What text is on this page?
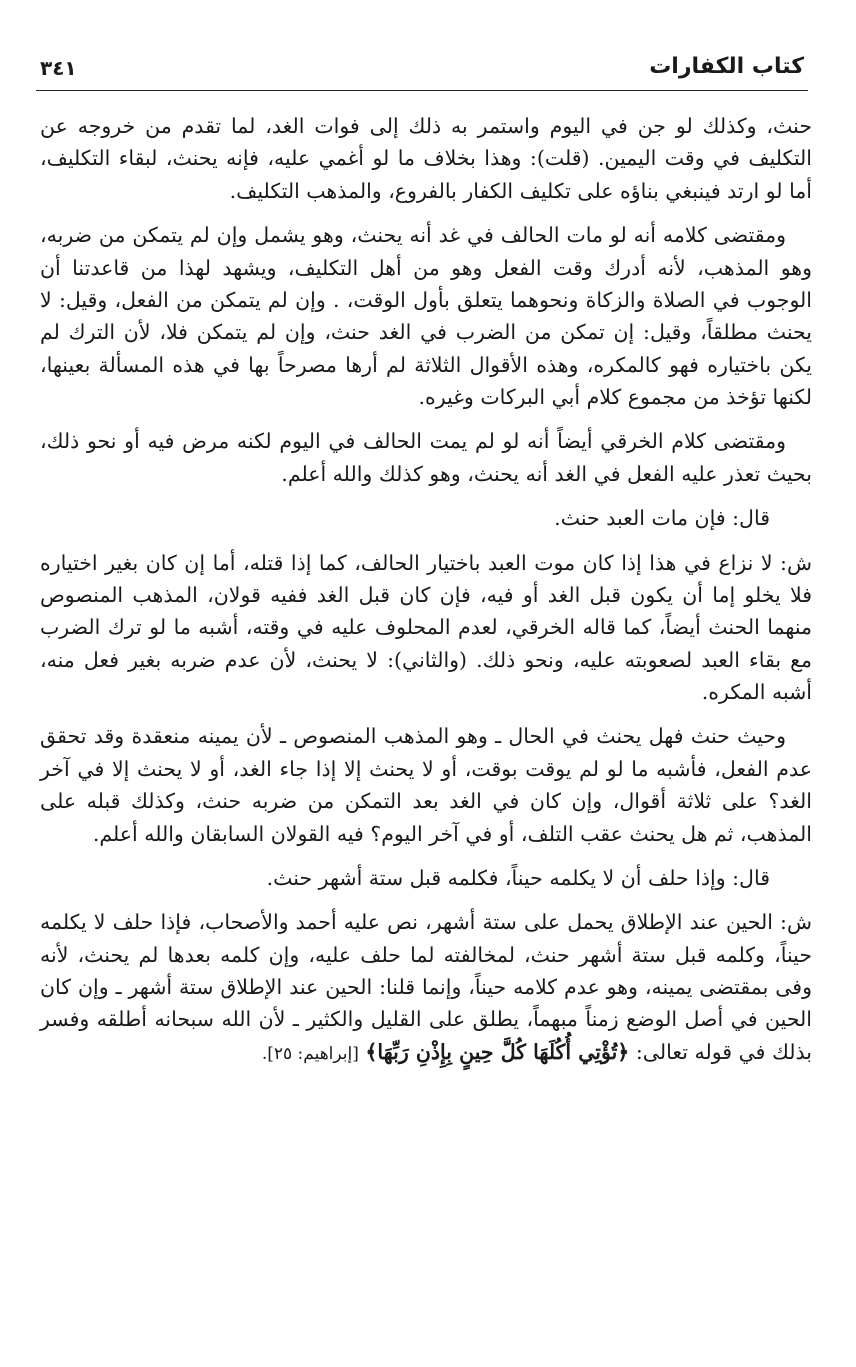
كتاب الكفارات
٣٤١

حنث، وكذلك لو جن في اليوم واستمر به ذلك إلى فوات الغد، لما تقدم من خروجه عن التكليف في وقت اليمين. (قلت): وهذا بخلاف ما لو أغمي عليه، فإنه يحنث، لبقاء التكليف، أما لو ارتد فينبغي بناؤه على تكليف الكفار بالفروع، والمذهب التكليف.

ومقتضى كلامه أنه لو مات الحالف في غد أنه يحنث، وهو يشمل وإن لم يتمكن من ضربه، وهو المذهب، لأنه أدرك وقت الفعل وهو من أهل التكليف، ويشهد لهذا من قاعدتنا أن الوجوب في الصلاة والزكاة ونحوهما يتعلق بأول الوقت، . وإن لم يتمكن من الفعل، وقيل: لا يحنث مطلقاً، وقيل: إن تمكن من الضرب في الغد حنث، وإن لم يتمكن فلا، لأن الترك لم يكن باختياره فهو كالمكره، وهذه الأقوال الثلاثة لم أرها مصرحاً بها في هذه المسألة بعينها، لكنها تؤخذ من مجموع كلام أبي البركات وغيره.

ومقتضى كلام الخرقي أيضاً أنه لو لم يمت الحالف في اليوم لكنه مرض فيه أو نحو ذلك، بحيث تعذر عليه الفعل في الغد أنه يحنث، وهو كذلك والله أعلم.

قال: فإن مات العبد حنث.

ش: لا نزاع في هذا إذا كان موت العبد باختيار الحالف، كما إذا قتله، أما إن كان بغير اختياره فلا يخلو إما أن يكون قبل الغد أو فيه، فإن كان قبل الغد ففيه قولان، المذهب المنصوص منهما الحنث أيضاً، كما قاله الخرقي، لعدم المحلوف عليه في وقته، أشبه ما لو ترك الضرب مع بقاء العبد لصعوبته عليه، ونحو ذلك. (والثاني): لا يحنث، لأن عدم ضربه بغير فعل منه، أشبه المكره.

وحيث حنث فهل يحنث في الحال ـ وهو المذهب المنصوص ـ لأن يمينه منعقدة وقد تحقق عدم الفعل، فأشبه ما لو لم يوقت بوقت، أو لا يحنث إلا إذا جاء الغد، أو لا يحنث إلا في آخر الغد؟ على ثلاثة أقوال، وإن كان في الغد بعد التمكن من ضربه حنث، وكذلك قبله على المذهب، ثم هل يحنث عقب التلف، أو في آخر اليوم؟ فيه القولان السابقان والله أعلم.

قال: وإذا حلف أن لا يكلمه حيناً، فكلمه قبل ستة أشهر حنث.

ش: الحين عند الإطلاق يحمل على ستة أشهر، نص عليه أحمد والأصحاب، فإذا حلف لا يكلمه حيناً، وكلمه قبل ستة أشهر حنث، لمخالفته لما حلف عليه، وإن كلمه بعدها لم يحنث، لأنه وفى بمقتضى يمينه، وهو عدم كلامه حيناً، وإنما قلنا: الحين عند الإطلاق ستة أشهر ـ وإن كان الحين في أصل الوضع زمناً مبهماً، يطلق على القليل والكثير ـ لأن الله سبحانه أطلقه وفسر بذلك في قوله تعالى: ﴿تُؤْتِي أُكُلَهَا كُلَّ حِينٍ بِإِذْنِ رَبِّهَا﴾ [إبراهيم: ٢٥].
